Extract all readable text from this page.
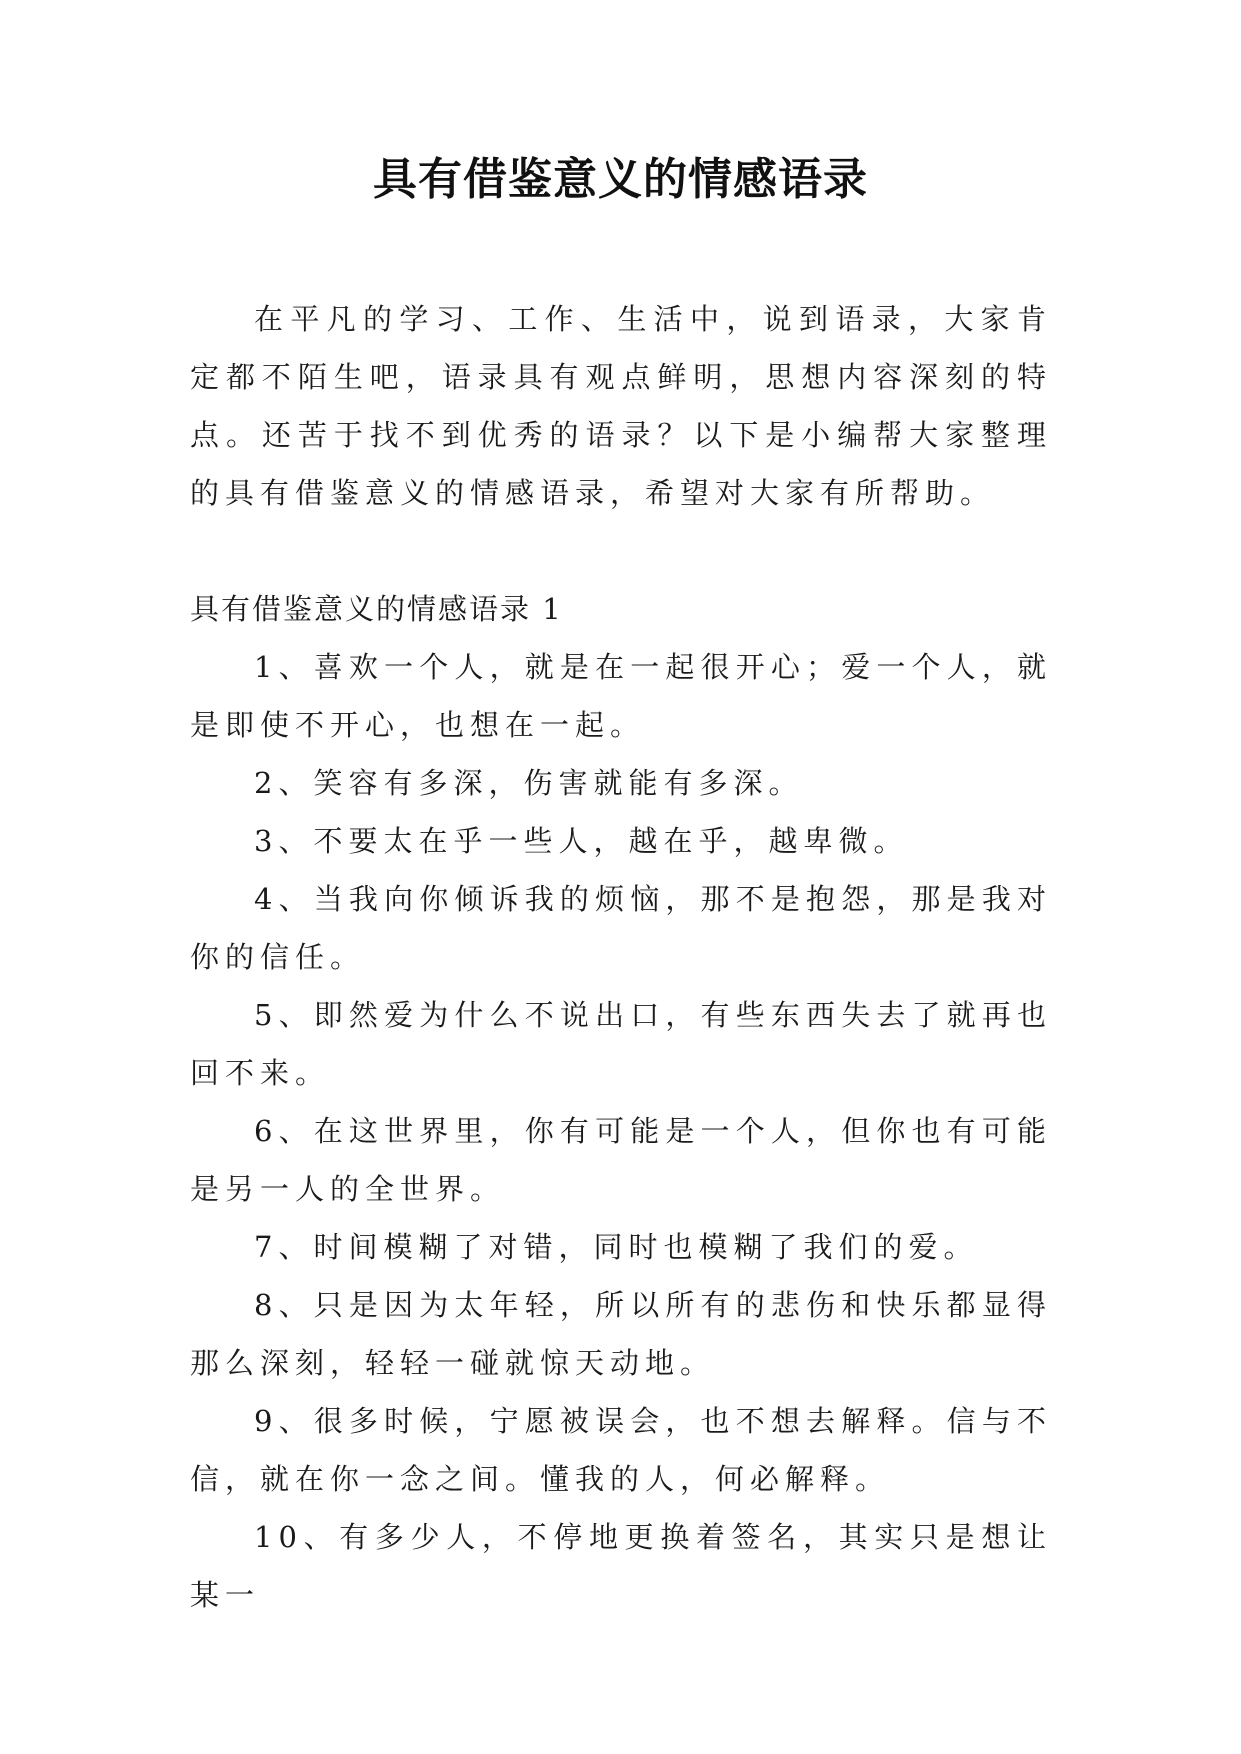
具有借鉴意义的情感语录

在平凡的学习、工作、生活中，说到语录，大家肯定都不陌生吧，语录具有观点鲜明，思想内容深刻的特点。还苦于找不到优秀的语录？以下是小编帮大家整理的具有借鉴意义的情感语录，希望对大家有所帮助。

具有借鉴意义的情感语录 1

1、喜欢一个人，就是在一起很开心；爱一个人，就是即使不开心，也想在一起。

2、笑容有多深，伤害就能有多深。

3、不要太在乎一些人，越在乎，越卑微。

4、当我向你倾诉我的烦恼，那不是抱怨，那是我对你的信任。

5、即然爱为什么不说出口，有些东西失去了就再也回不来。

6、在这世界里，你有可能是一个人，但你也有可能是另一人的全世界。

7、时间模糊了对错，同时也模糊了我们的爱。

8、只是因为太年轻，所以所有的悲伤和快乐都显得那么深刻，轻轻一碰就惊天动地。

9、很多时候，宁愿被误会，也不想去解释。信与不信，就在你一念之间。懂我的人，何必解释。

10、有多少人，不停地更换着签名，其实只是想让某一
